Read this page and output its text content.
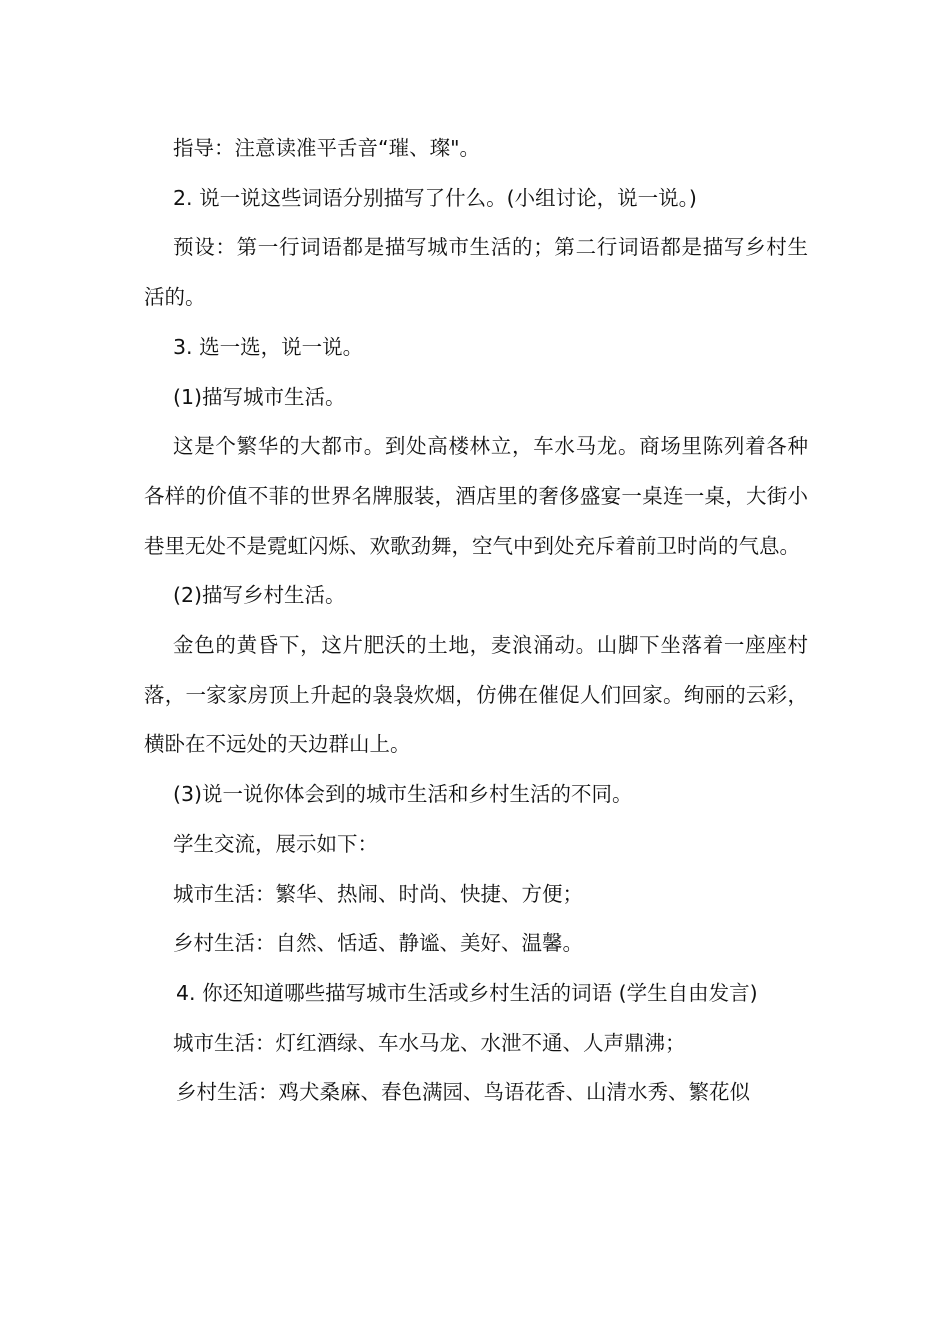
指导：注意读准平舌音“璀、璨"。

2. 说一说这些词语分别描写了什么。(小组讨论，说一说。)

预设：第一行词语都是描写城市生活的；第二行词语都是描写乡村生活的。

3. 选一选，说一说。

(1)描写城市生活。

这是个繁华的大都市。到处高楼林立，车水马龙。商场里陈列着各种各样的价值不菲的世界名牌服装，酒店里的奢侈盛宴一桌连一桌，大街小巷里无处不是霓虹闪烁、欢歌劲舞，空气中到处充斥着前卫时尚的气息。

(2)描写乡村生活。

金色的黄昏下，这片肥沃的土地，麦浪涌动。山脚下坐落着一座座村落，一家家房顶上升起的袅袅炊烟，仿佛在催促人们回家。绚丽的云彩，横卧在不远处的天边群山上。

(3)说一说你体会到的城市生活和乡村生活的不同。

学生交流，展示如下：

城市生活：繁华、热闹、时尚、快捷、方便；

乡村生活：自然、恬适、静谧、美好、温馨。

4. 你还知道哪些描写城市生活或乡村生活的词语 (学生自由发言)

城市生活：灯红酒绿、车水马龙、水泄不通、人声鼎沸；

乡村生活：鸡犬桑麻、春色满园、鸟语花香、山清水秀、繁花似
